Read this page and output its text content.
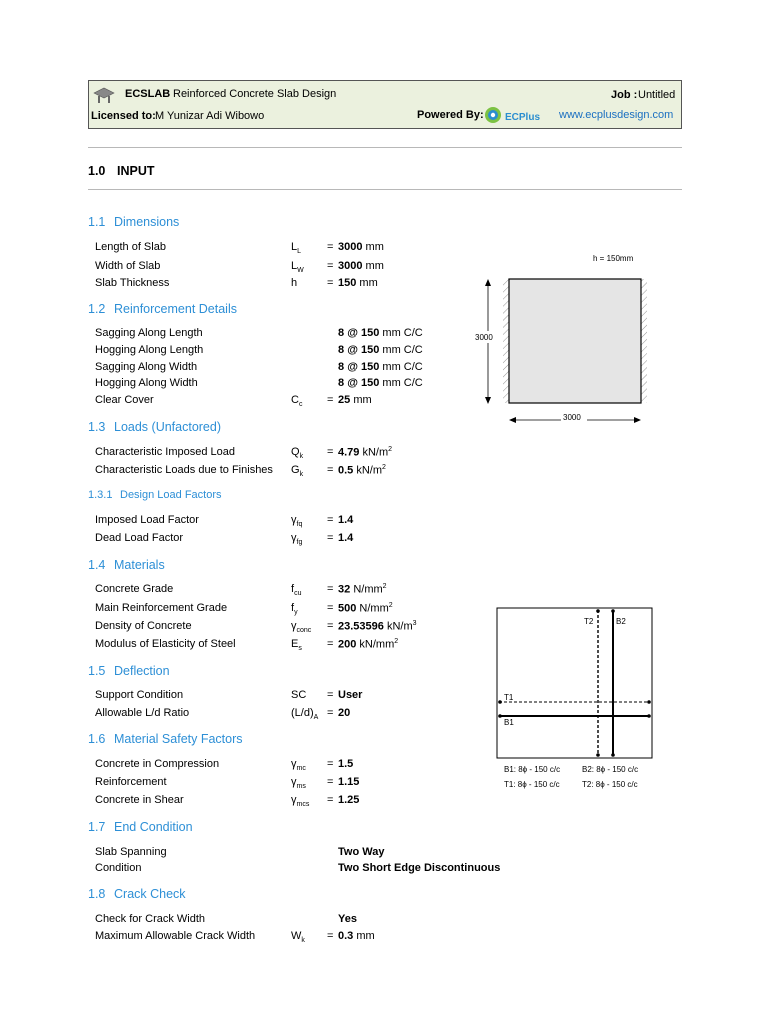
ECSLAB Reinforced Concrete Slab Design	Job : Untitled
Licensed to: M Yunizar Adi Wibowo	Powered By: ECPlus www.ecplusdesign.com
1.0 INPUT
1.1 Dimensions
Length of Slab	$L_L = 3000$ mm
Width of Slab	$L_W = 3000$ mm
Slab Thickness	h	= 150 mm
1.2 Reinforcement Details
Sagging Along Length	8 @ 150 mm C/C
Hogging Along Length	8 @ 150 mm C/C
Sagging Along Width	8 @ 150 mm C/C
Hogging Along Width	8 @ 150 mm C/C
Clear Cover	$C_c = 25$ mm
1.3 Loads (Unfactored)
Characteristic Imposed Load	$Q_k = 4.79$ $kN/m^2$
Characteristic Loads due to Finishes $G_k = 0.5$ $kN/m^2$
1.3.1 Design Load Factors
Imposed Load Factor	$\gamma_{fq} = 1.4$
Dead Load Factor	$\gamma_{fg} = 1.4$
1.4 Materials
Concrete Grade	$f_{cu} = 32$ $N/mm^2$
Main Reinforcement Grade	$f_y$	= 500 $N/mm^2$
Density of Concrete	$\gamma_{conc} = 23.53596$ $kN/m^3$
Modulus of Elasticity of Steel	$E_s = 200$ $kN/mm^2$
1.5 Deflection
Support Condition	SC = User
Allowable L/d Ratio	$(L/d)_A = 20$
1.6 Material Safety Factors
Concrete in Compression	$\gamma_{mc} = 1.5$
Reinforcement	$\gamma_{ms} = 1.15$
Concrete in Shear	$\gamma_{mcs} = 1.25$
1.7 End Condition
Slab Spanning	Two Way
Condition	Two Short Edge Discontinuous
1.8 Crack Check
Check for Crack Width	Yes
Maximum Allowable Crack Width	$W_k = 0.3$ mm
h = 150mm
3000
3000
T1
B1
T2	B2
B1: 8ϕ - 150 c/c	B2: 8ϕ - 150 c/c
T1: 8ϕ - 150 c/c	T2: 8ϕ - 150 c/c
